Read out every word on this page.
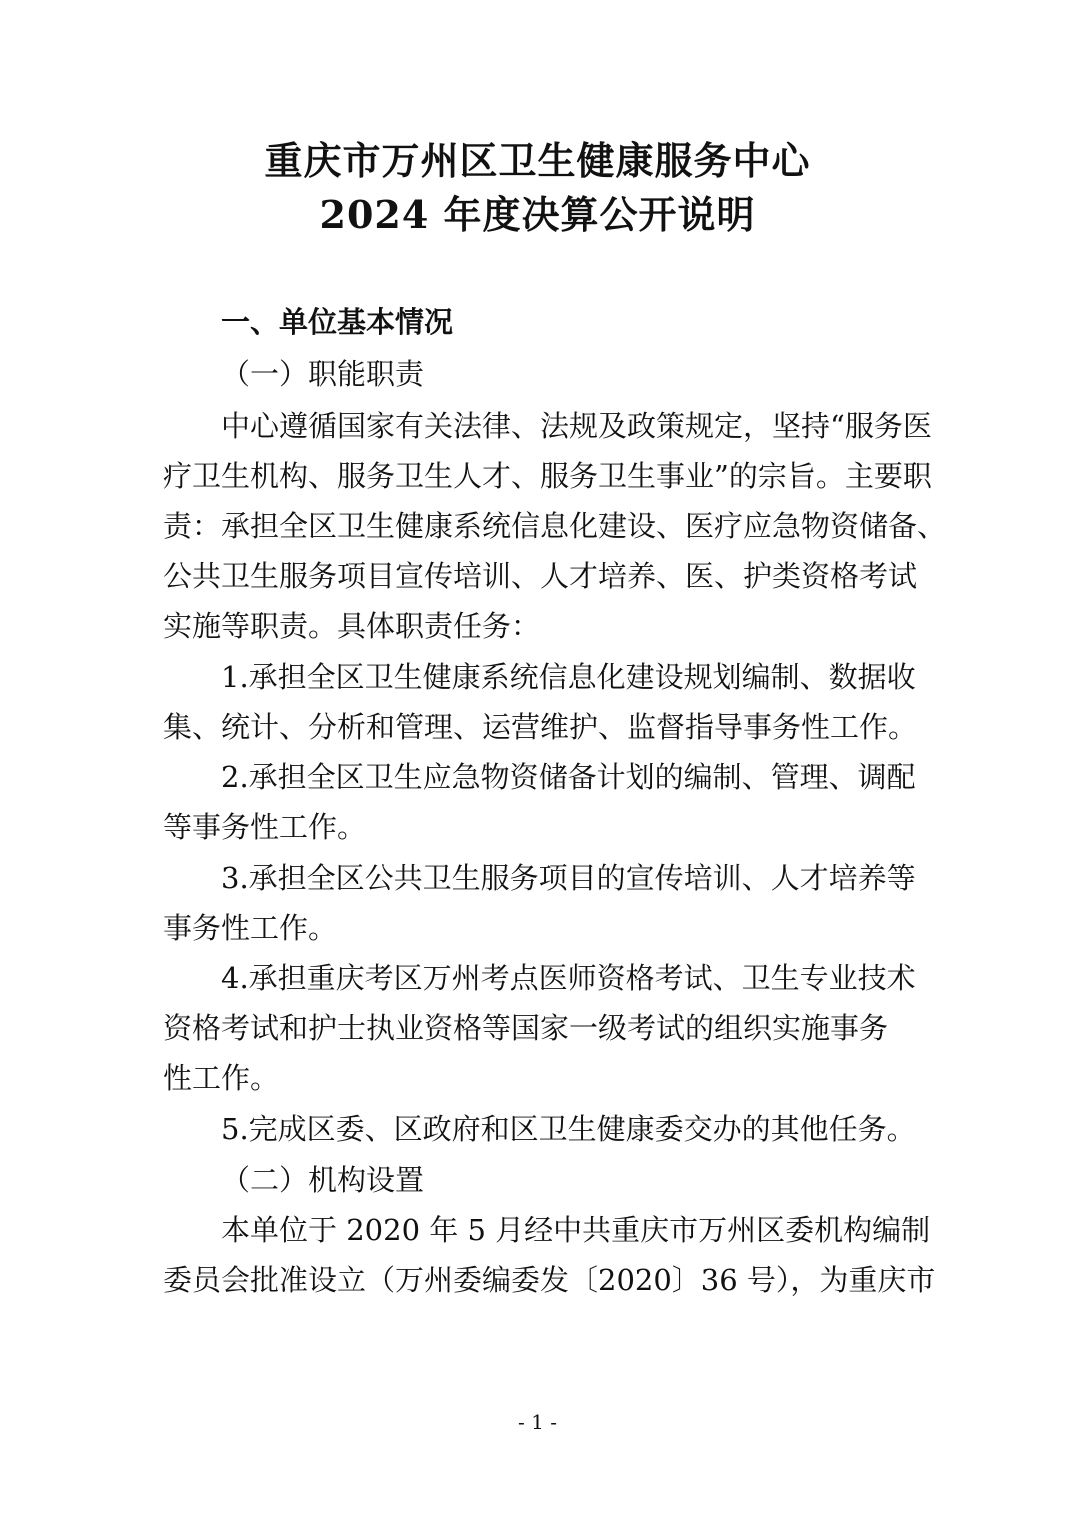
重庆市万州区卫生健康服务中心
2024 年度决算公开说明
一、单位基本情况
（一）职能职责
中心遵循国家有关法律、法规及政策规定，坚持“服务医
疗卫生机构、服务卫生人才、服务卫生事业”的宗旨。主要职
责：承担全区卫生健康系统信息化建设、医疗应急物资储备、
公共卫生服务项目宣传培训、人才培养、医、护类资格考试
实施等职责。具体职责任务：
1.承担全区卫生健康系统信息化建设规划编制、数据收
集、统计、分析和管理、运营维护、监督指导事务性工作。
2.承担全区卫生应急物资储备计划的编制、管理、调配
等事务性工作。
3.承担全区公共卫生服务项目的宣传培训、人才培养等
事务性工作。
4.承担重庆考区万州考点医师资格考试、卫生专业技术
资格考试和护士执业资格等国家一级考试的组织实施事务
性工作。
5.完成区委、区政府和区卫生健康委交办的其他任务。
（二）机构设置
本单位于 2020 年 5 月经中共重庆市万州区委机构编制
委员会批准设立（万州委编委发〔2020〕36 号），为重庆市
- 1 -
